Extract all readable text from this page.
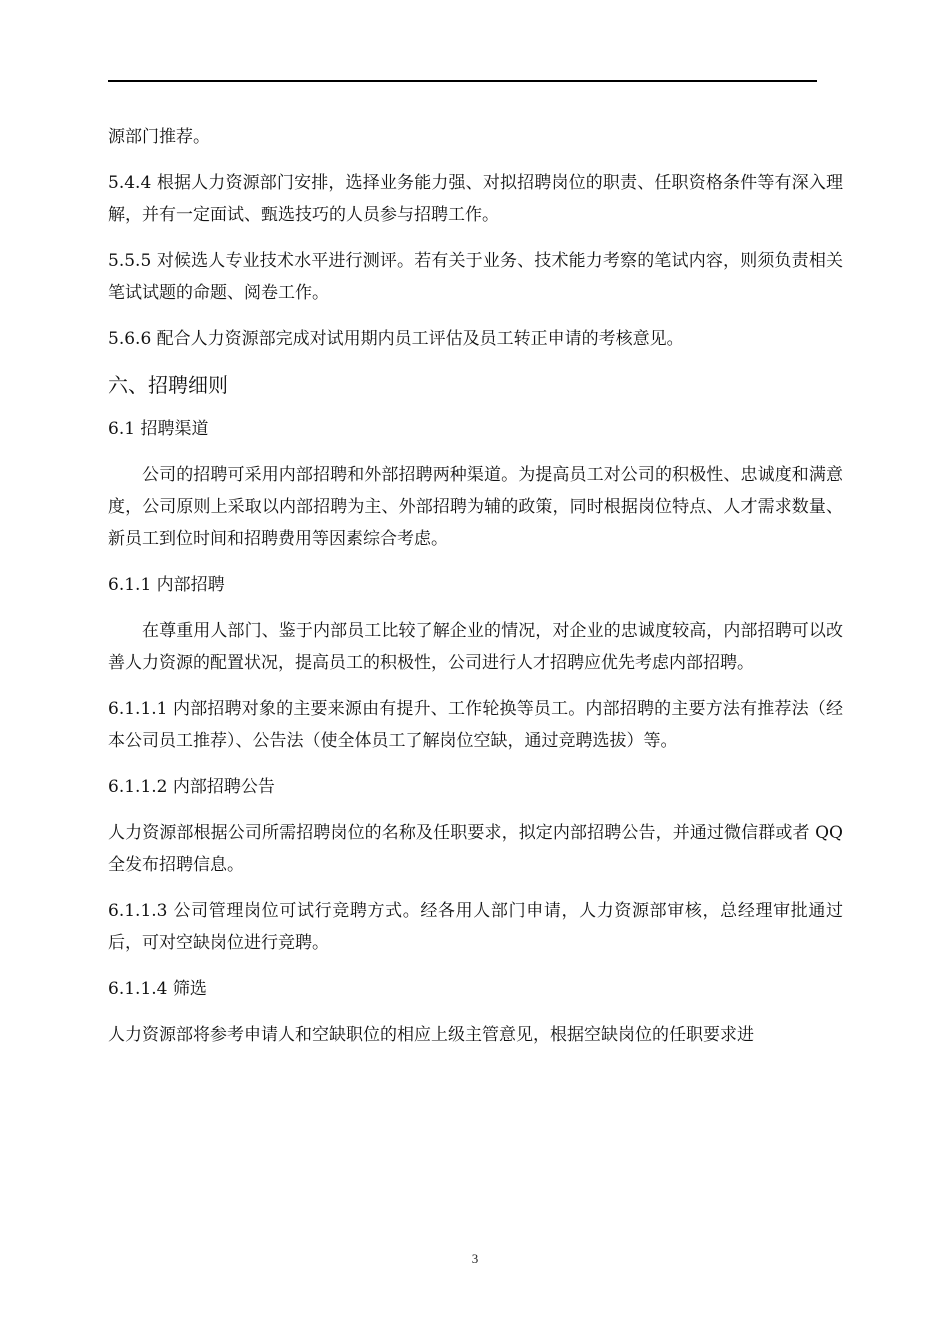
源部门推荐。

5.4.4 根据人力资源部门安排，选择业务能力强、对拟招聘岗位的职责、任职资格条件等有深入理解，并有一定面试、甄选技巧的人员参与招聘工作。

5.5.5 对候选人专业技术水平进行测评。若有关于业务、技术能力考察的笔试内容，则须负责相关笔试试题的命题、阅卷工作。

5.6.6 配合人力资源部完成对试用期内员工评估及员工转正申请的考核意见。

六、招聘细则

6.1 招聘渠道

公司的招聘可采用内部招聘和外部招聘两种渠道。为提高员工对公司的积极性、忠诚度和满意度，公司原则上采取以内部招聘为主、外部招聘为辅的政策，同时根据岗位特点、人才需求数量、新员工到位时间和招聘费用等因素综合考虑。

6.1.1 内部招聘

在尊重用人部门、鉴于内部员工比较了解企业的情况，对企业的忠诚度较高，内部招聘可以改善人力资源的配置状况，提高员工的积极性，公司进行人才招聘应优先考虑内部招聘。

6.1.1.1 内部招聘对象的主要来源由有提升、工作轮换等员工。内部招聘的主要方法有推荐法（经本公司员工推荐）、公告法（使全体员工了解岗位空缺，通过竞聘选拔）等。

6.1.1.2 内部招聘公告

人力资源部根据公司所需招聘岗位的名称及任职要求，拟定内部招聘公告，并通过微信群或者 QQ 全发布招聘信息。

6.1.1.3 公司管理岗位可试行竞聘方式。经各用人部门申请，人力资源部审核，总经理审批通过后，可对空缺岗位进行竞聘。

6.1.1.4 筛选

人力资源部将参考申请人和空缺职位的相应上级主管意见，根据空缺岗位的任职要求进

3
